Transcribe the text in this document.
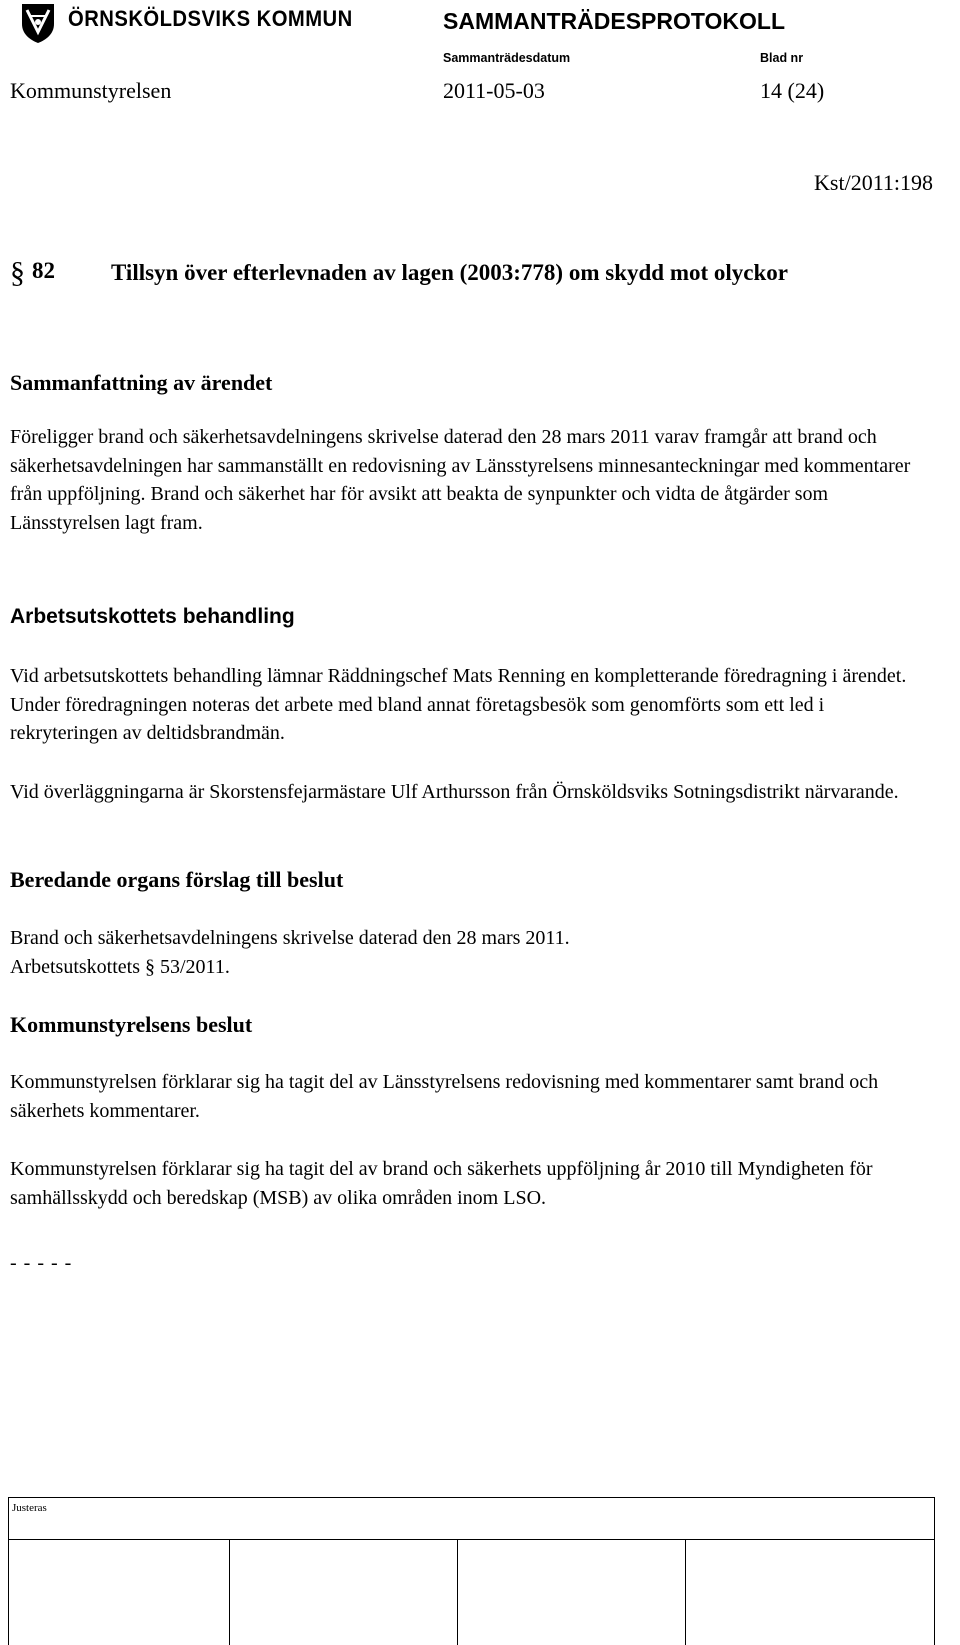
ÖRNSKÖLDSVIKS KOMMUN	SAMMANTRÄDESPROTOKOLL
Sammanträdesdatum	Blad nr
Kommunstyrelsen	2011-05-03	14 (24)
Kst/2011:198
§ 82 Tillsyn över efterlevnaden av lagen (2003:778) om skydd mot olyckor
Sammanfattning av ärendet
Föreligger brand och säkerhetsavdelningens skrivelse daterad den 28 mars 2011 varav framgår att brand och säkerhetsavdelningen har sammanställt en redovisning av Länsstyrelsens minnesanteckningar med kommentarer från uppföljning. Brand och säkerhet har för avsikt att beakta de synpunkter och vidta de åtgärder som Länsstyrelsen lagt fram.
Arbetsutskottets behandling
Vid arbetsutskottets behandling lämnar Räddningschef Mats Renning en kompletterande föredragning i ärendet. Under föredragningen noteras det arbete med bland annat företagsbesök som genomförts som ett led i rekryteringen av deltidsbrandmän.
Vid överläggningarna är Skorstensfejarmästare Ulf Arthursson från Örnsköldsviks Sotningsdistrikt närvarande.
Beredande organs förslag till beslut
Brand och säkerhetsavdelningens skrivelse daterad den 28 mars 2011.
Arbetsutskottets § 53/2011.
Kommunstyrelsens beslut
Kommunstyrelsen förklarar sig ha tagit del av Länsstyrelsens redovisning med kommentarer samt brand och säkerhets kommentarer.
Kommunstyrelsen förklarar sig ha tagit del av brand och säkerhets uppföljning år 2010 till Myndigheten för samhällsskydd och beredskap (MSB) av olika områden inom LSO.
- - - - -
Justeras
